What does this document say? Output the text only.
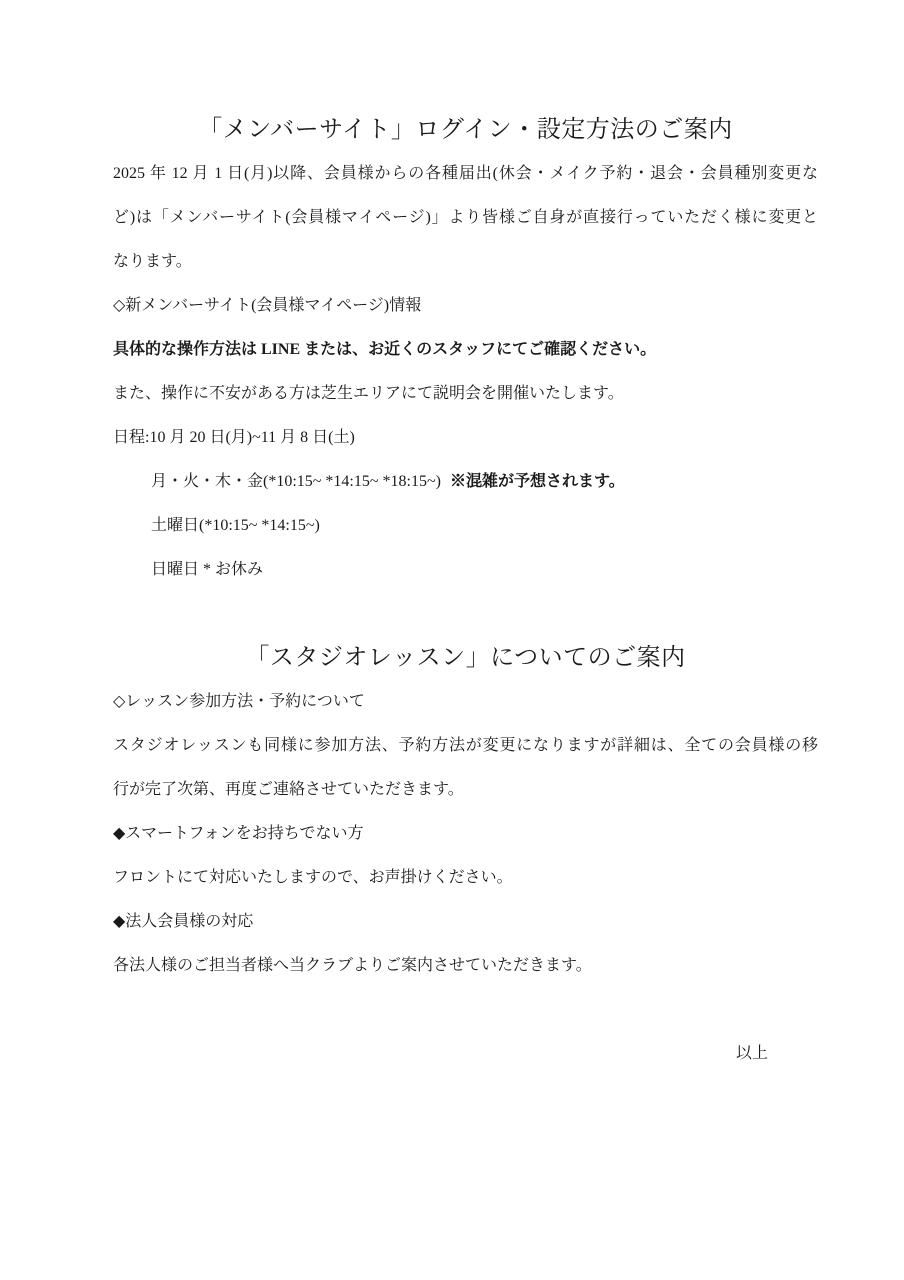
「メンバーサイト」ログイン・設定方法のご案内

2025 年 12 月 1 日(月)以降、会員様からの各種届出(休会・メイク予約・退会・会員種別変更な

ど)は「メンバーサイト(会員様マイページ)」より皆様ご自身が直接行っていただく様に変更と

なります。

◇新メンバーサイト(会員様マイページ)情報

具体的な操作方法は LINE または、お近くのスタッフにてご確認ください。

また、操作に不安がある方は芝生エリアにて説明会を開催いたします。

日程:10 月 20 日(月)~11 月 8 日(土)

月・火・木・金(*10:15~ *14:15~ *18:15~) ※混雑が予想されます。

土曜日(*10:15~ *14:15~)

日曜日 * お休み

「スタジオレッスン」についてのご案内

◇レッスン参加方法・予約について

スタジオレッスンも同様に参加方法、予約方法が変更になりますが詳細は、全ての会員様の移

行が完了次第、再度ご連絡させていただきます。

◆スマートフォンをお持ちでない方

フロントにて対応いたしますので、お声掛けください。

◆法人会員様の対応

各法人様のご担当者様へ当クラブよりご案内させていただきます。

以上
